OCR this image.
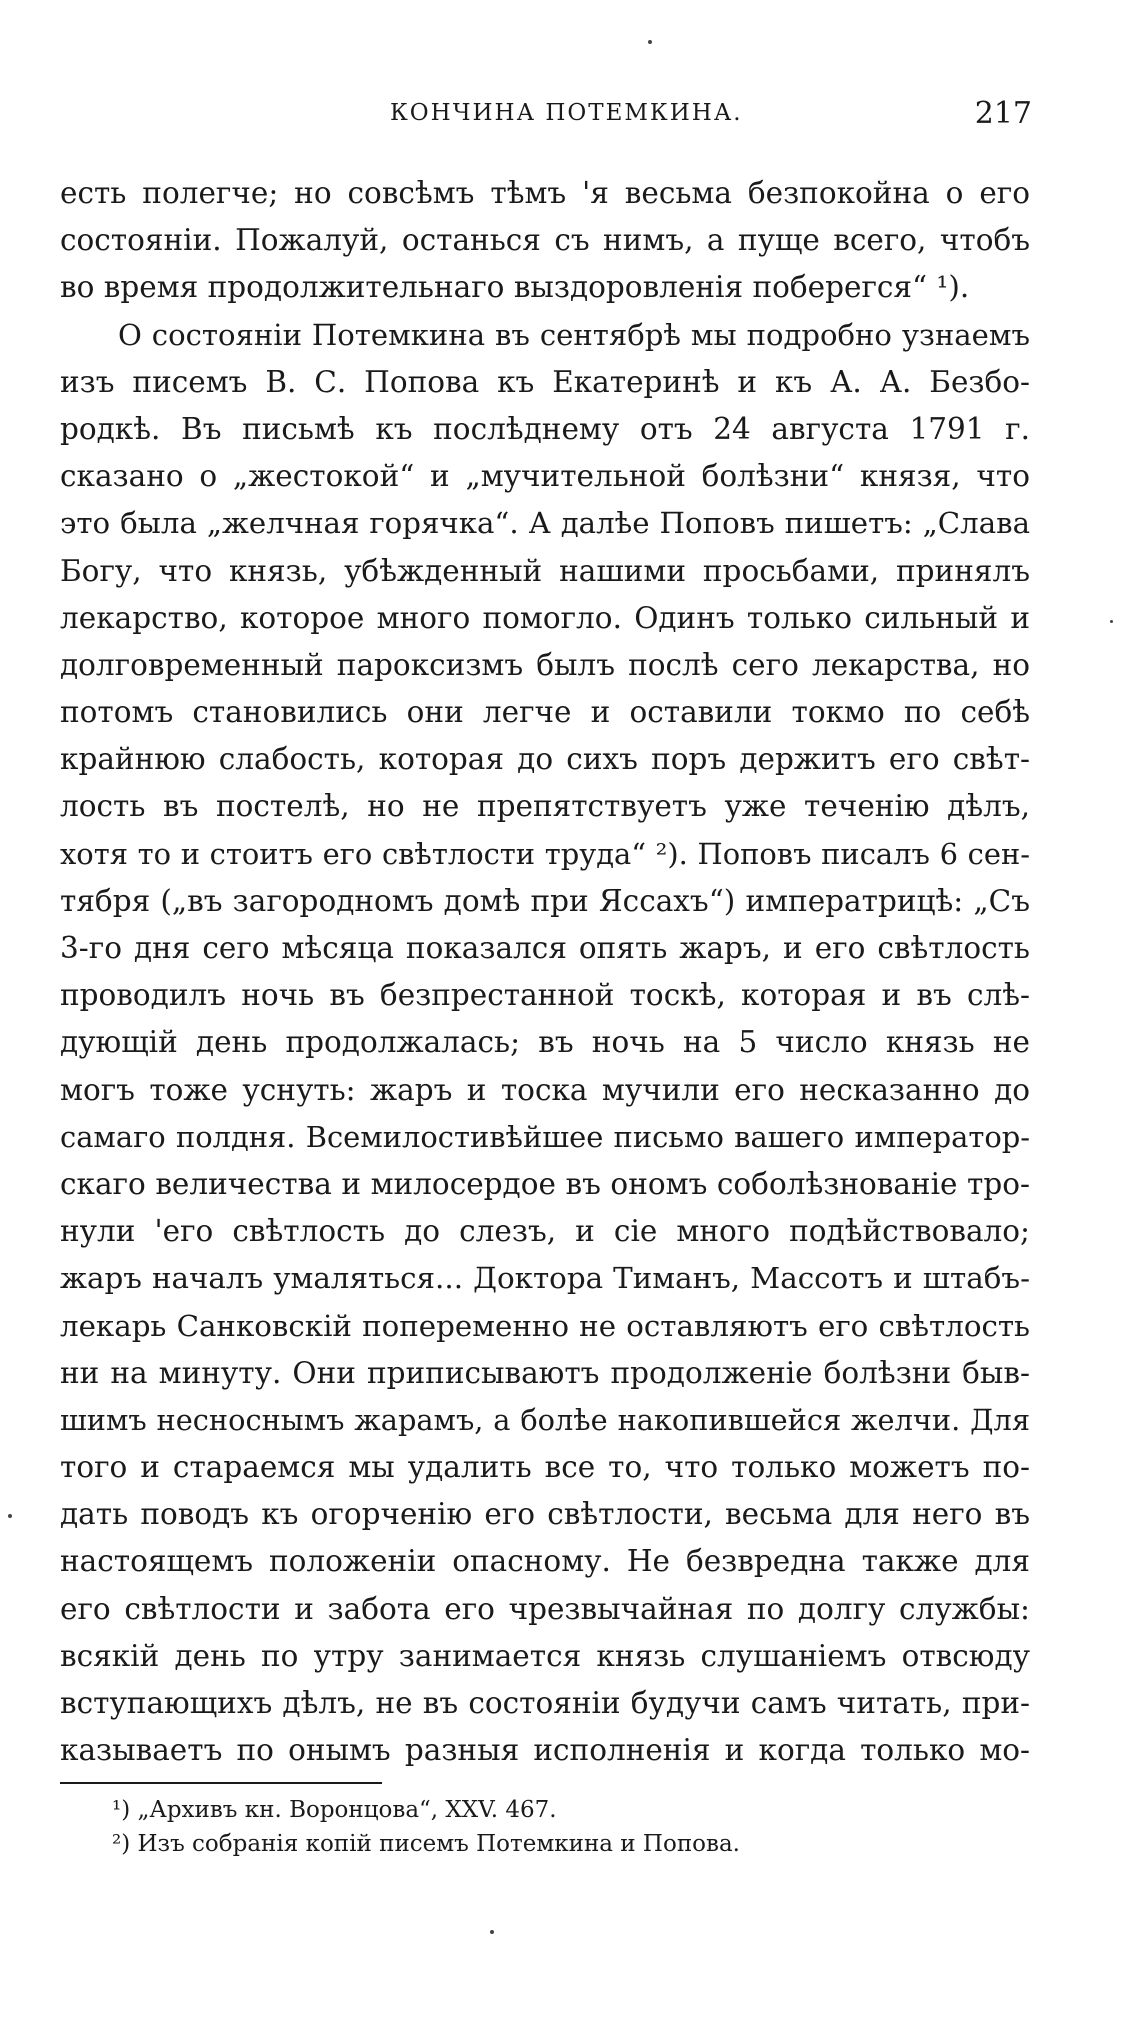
КОНЧИНА ПОТЕМКИНА.	217
есть полегче; но совсѣмъ тѣмъ 'я весьма безпокойна о его
состояніи. Пожалуй, останься съ нимъ, а пуще всего, чтобъ
во время продолжительнаго выздоровленія поберегся“ ¹).
О состояніи Потемкина въ сентябрѣ мы подробно узнаемъ
изъ писемъ В. С. Попова къ Екатеринѣ и къ А. А. Безбо-
родкѣ. Въ письмѣ къ послѣднему отъ 24 августа 1791 г.
сказано о „жестокой“ и „мучительной болѣзни“ князя, что
это была „желчная горячка“. А далѣе Поповъ пишетъ: „Слава
Богу, что князь, убѣжденный нашими просьбами, принялъ
лекарство, которое много помогло. Одинъ только сильный и
долговременный пароксизмъ былъ послѣ сего лекарства, но
потомъ становились они легче и оставили токмо по себѣ
крайнюю слабость, которая до сихъ поръ держитъ его свѣт-
лость въ постелѣ, но не препятствуетъ уже теченію дѣлъ,
хотя то и стоитъ его свѣтлости труда“ ²). Поповъ писалъ 6 сен-
тября („въ загородномъ домѣ при Яссахъ“) императрицѣ: „Съ
3-го дня сего мѣсяца показался опять жаръ, и его свѣтлость
проводилъ ночь въ безпрестанной тоскѣ, которая и въ слѣ-
дующій день продолжалась; въ ночь на 5 число князь не
могъ тоже уснуть: жаръ и тоска мучили его несказанно до
самаго полдня. Всемилостивѣйшее письмо вашего император-
скаго величества и милосердое въ ономъ соболѣзнованіе тро-
нули 'его свѣтлость до слезъ, и сіе много подѣйствовало;
жаръ началъ умаляться... Доктора Тиманъ, Массотъ и штабъ-
лекарь Санковскій попеременно не оставляютъ его свѣтлость
ни на минуту. Они приписываютъ продолженіе болѣзни быв-
шимъ несноснымъ жарамъ, а болѣе накопившейся желчи. Для
того и стараемся мы удалить все то, что только можетъ по-
дать поводъ къ огорченію его свѣтлости, весьма для него въ
настоящемъ положеніи опасному. Не безвредна также для
его свѣтлости и забота его чрезвычайная по долгу службы:
всякій день по утру занимается князь слушаніемъ отвсюду
вступающихъ дѣлъ, не въ состояніи будучи самъ читать, при-
казываетъ по онымъ разныя исполненія и когда только мо-
¹) „Архивъ кн. Воронцова“, XXV. 467.
²) Изъ собранія копій писемъ Потемкина и Попова.
